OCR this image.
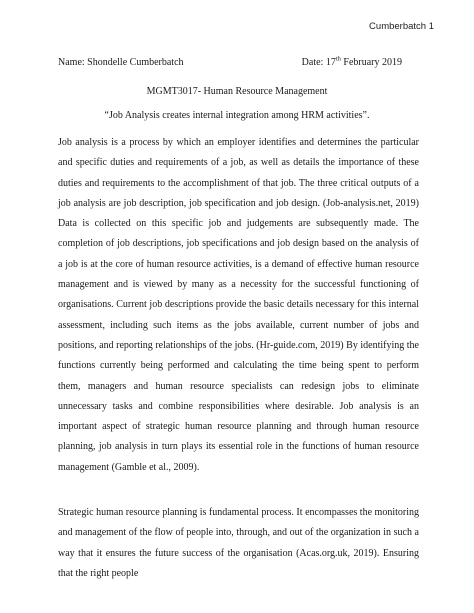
Cumberbatch 1
Name: Shondelle Cumberbatch	Date: 17th February 2019
MGMT3017- Human Resource Management
“Job Analysis creates internal integration among HRM activities”.

Job analysis is a process by which an employer identifies and determines the particular and specific duties and requirements of a job, as well as details the importance of these duties and requirements to the accomplishment of that job. The three critical outputs of a job analysis are job description, job specification and job design. (Job-analysis.net, 2019) Data is collected on this specific job and judgements are subsequently made. The completion of job descriptions, job specifications and job design based on the analysis of a job is at the core of human resource activities, is a demand of effective human resource management and is viewed by many as a necessity for the successful functioning of organisations. Current job descriptions provide the basic details necessary for this internal assessment, including such items as the jobs available, current number of jobs and positions, and reporting relationships of the jobs. (Hr-guide.com, 2019) By identifying the functions currently being performed and calculating the time being spent to perform them, managers and human resource specialists can redesign jobs to eliminate unnecessary tasks and combine responsibilities where desirable. Job analysis is an important aspect of strategic human resource planning and through human resource planning, job analysis in turn plays its essential role in the functions of human resource management (Gamble et al., 2009).

Strategic human resource planning is fundamental process. It encompasses the monitoring and management of the flow of people into, through, and out of the organization in such a way that it ensures the future success of the organisation (Acas.org.uk, 2019). Ensuring that the right people
